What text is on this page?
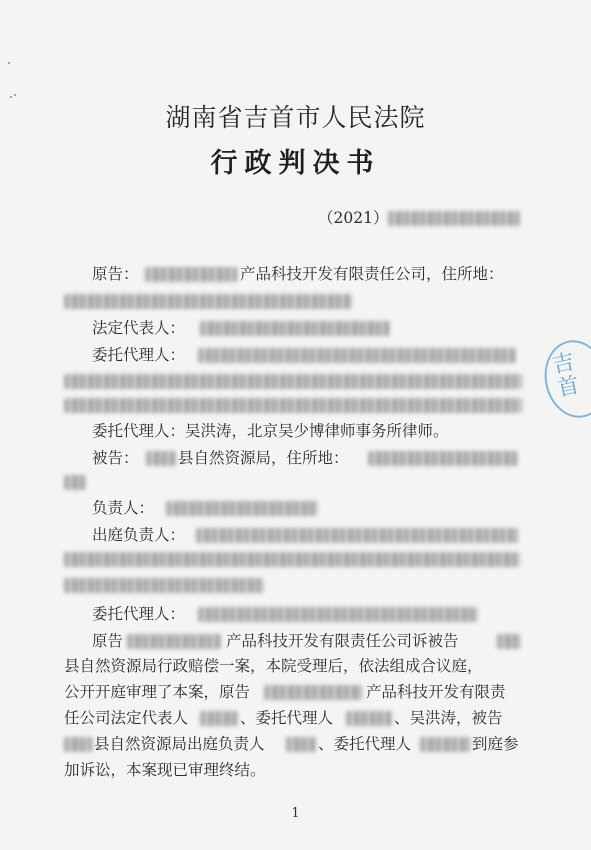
湖南省吉首市人民法院
行政判决书
（2021）
原告：	产品科技开发有限责任公司，住所地：
法定代表人：
委托代理人：
委托代理人：吴洪涛，北京吴少博律师事务所律师。
被告：	县自然资源局，住所地：
负责人：
出庭负责人：
委托代理人：
原告	产品科技开发有限责任公司诉被告
县自然资源局行政赔偿一案，本院受理后，依法组成合议庭，
公开开庭审理了本案，原告	产品科技开发有限责
任公司法定代表人	、委托代理人	、吴洪涛，被告
县自然资源局出庭负责人	、委托代理人	到庭参
加诉讼，本案现已审理终结。
吉首
1
